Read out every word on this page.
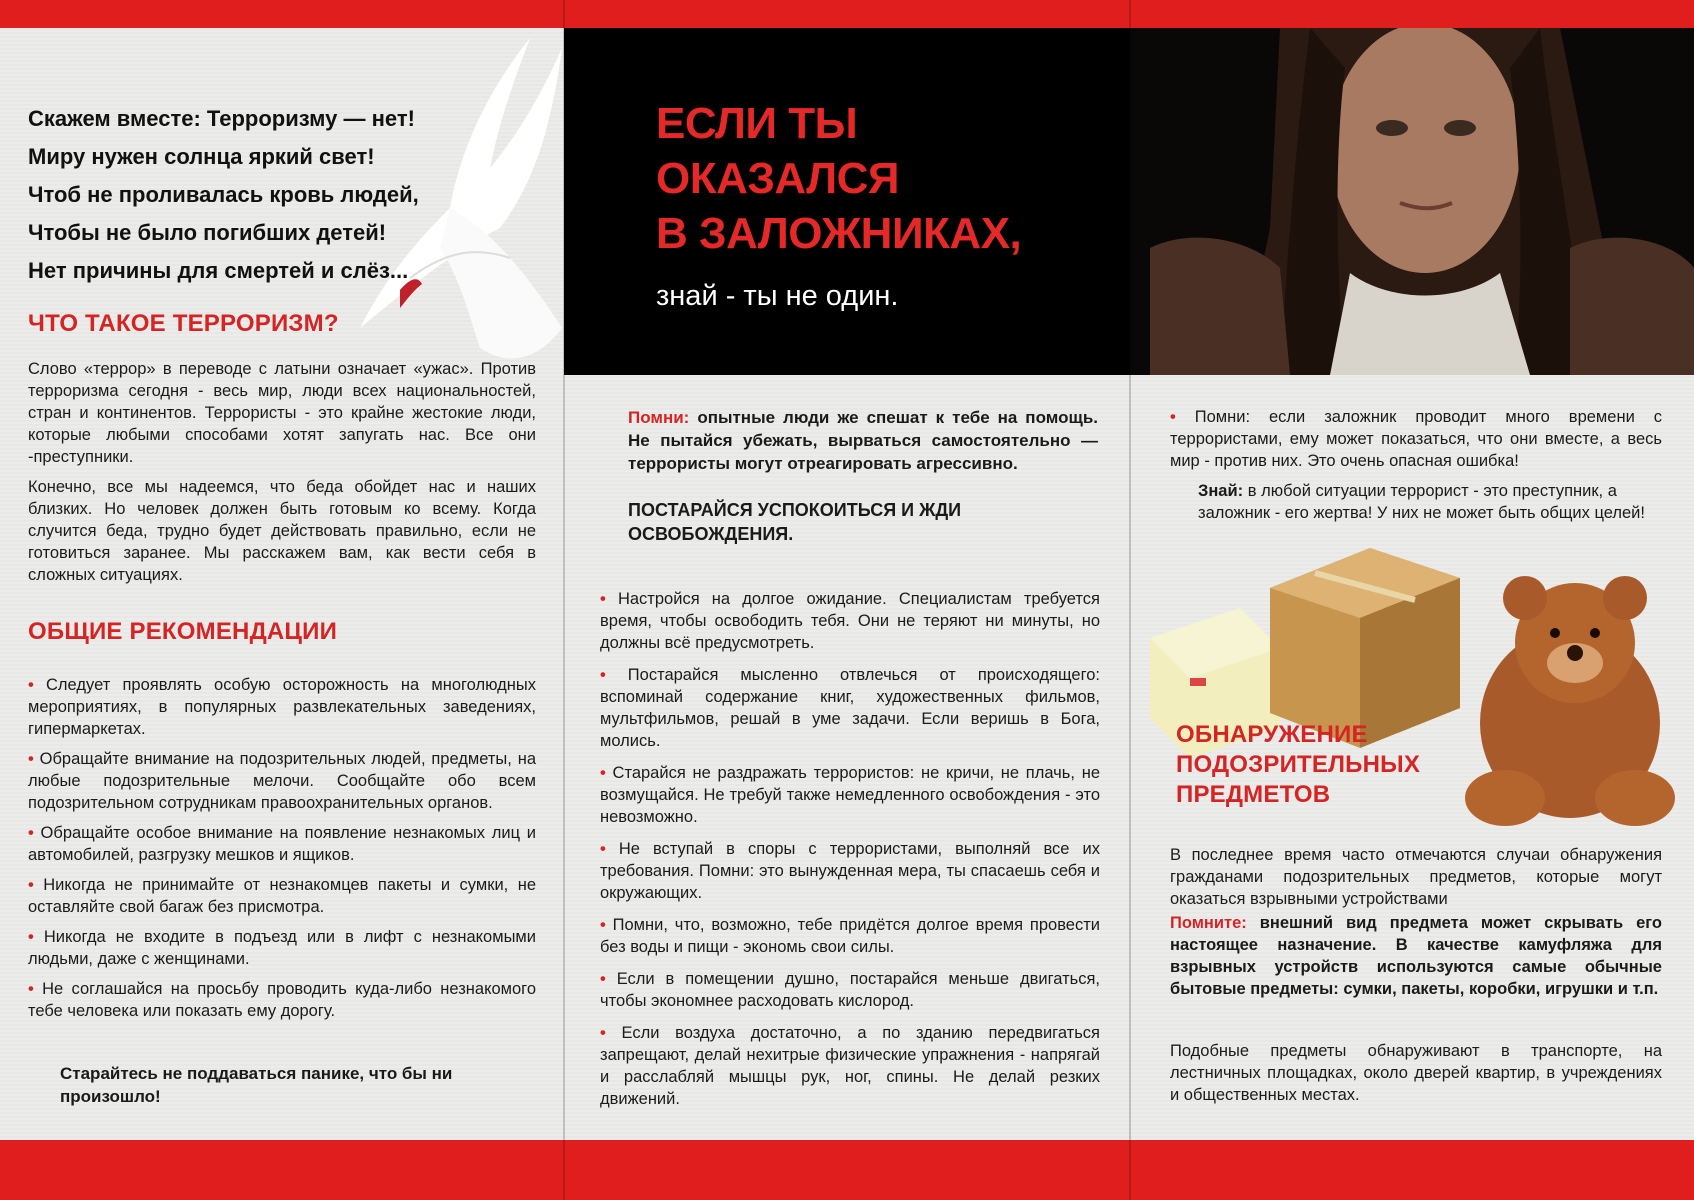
Скажем вместе: Терроризму — нет!
Миру нужен солнца яркий свет!
Чтоб не проливалась кровь людей,
Чтобы не было погибших детей!
Нет причины для смертей и слёз...
ЧТО ТАКОЕ ТЕРРОРИЗМ?
Слово «террор» в переводе с латыни означает «ужас». Против терроризма сегодня - весь мир, люди всех национальностей, стран и континентов. Террористы - это крайне жестокие люди, которые любыми способами хотят запугать нас. Все они -преступники.
Конечно, все мы надеемся, что беда обойдет нас и наших близких. Но человек должен быть готовым ко всему. Когда случится беда, трудно будет действовать правильно, если не готовиться заранее. Мы расскажем вам, как вести себя в сложных ситуациях.
ОБЩИЕ РЕКОМЕНДАЦИИ
• Следует проявлять особую осторожность на многолюдных мероприятиях, в популярных развлекательных заведениях, гипермаркетах.
• Обращайте внимание на подозрительных людей, предметы, на любые подозрительные мелочи. Сообщайте обо всем подозрительном сотрудникам правоохранительных органов.
• Обращайте особое внимание на появление незнакомых лиц и автомобилей, разгрузку мешков и ящиков.
• Никогда не принимайте от незнакомцев пакеты и сумки, не оставляйте свой багаж без присмотра.
• Никогда не входите в подъезд или в лифт с незнакомыми людьми, даже с женщинами.
• Не соглашайся на просьбу проводить куда-либо незнакомого тебе человека или показать ему дорогу.
Старайтесь не поддаваться панике, что бы ни произошло!
ЕСЛИ ТЫ
ОКАЗАЛСЯ
В ЗАЛОЖНИКАХ,
знай - ты не один.
Помни: опытные люди же спешат к тебе на помощь. Не пытайся убежать, вырваться самостоятельно — террористы могут отреагировать агрессивно.
ПОСТАРАЙСЯ УСПОКОИТЬСЯ И ЖДИ ОСВОБОЖДЕНИЯ.
• Настройся на долгое ожидание. Специалистам требуется время, чтобы освободить тебя. Они не теряют ни минуты, но должны всё предусмотреть.
• Постарайся мысленно отвлечься от происходящего: вспоминай содержание книг, художественных фильмов, мультфильмов, решай в уме задачи. Если веришь в Бога, молись.
• Старайся не раздражать террористов: не кричи, не плачь, не возмущайся. Не требуй также немедленного освобождения - это невозможно.
• Не вступай в споры с террористами, выполняй все их требования. Помни: это вынужденная мера, ты спасаешь себя и окружающих.
• Помни, что, возможно, тебе придётся долгое время провести без воды и пищи - экономь свои силы.
• Если в помещении душно, постарайся меньше двигаться, чтобы экономнее расходовать кислород.
• Если воздуха достаточно, а по зданию передвигаться запрещают, делай нехитрые физические упражнения - напрягай и расслабляй мышцы рук, ног, спины. Не делай резких движений.
• Помни: если заложник проводит много времени с террористами, ему может показаться, что они вместе, а весь мир - против них. Это очень опасная ошибка!
Знай: в любой ситуации террорист - это преступник, а заложник - его жертва! У них не может быть общих целей!
ОБНАРУЖЕНИЕ
ПОДОЗРИТЕЛЬНЫХ
ПРЕДМЕТОВ
В последнее время часто отмечаются случаи обнаружения гражданами подозрительных предметов, которые могут оказаться взрывными устройствами
Помните: внешний вид предмета может скрывать его настоящее назначение. В качестве камуфляжа для взрывных устройств используются самые обычные бытовые предметы: сумки, пакеты, коробки, игрушки и т.п.
Подобные предметы обнаруживают в транспорте, на лестничных площадках, около дверей квартир, в учреждениях и общественных местах.
